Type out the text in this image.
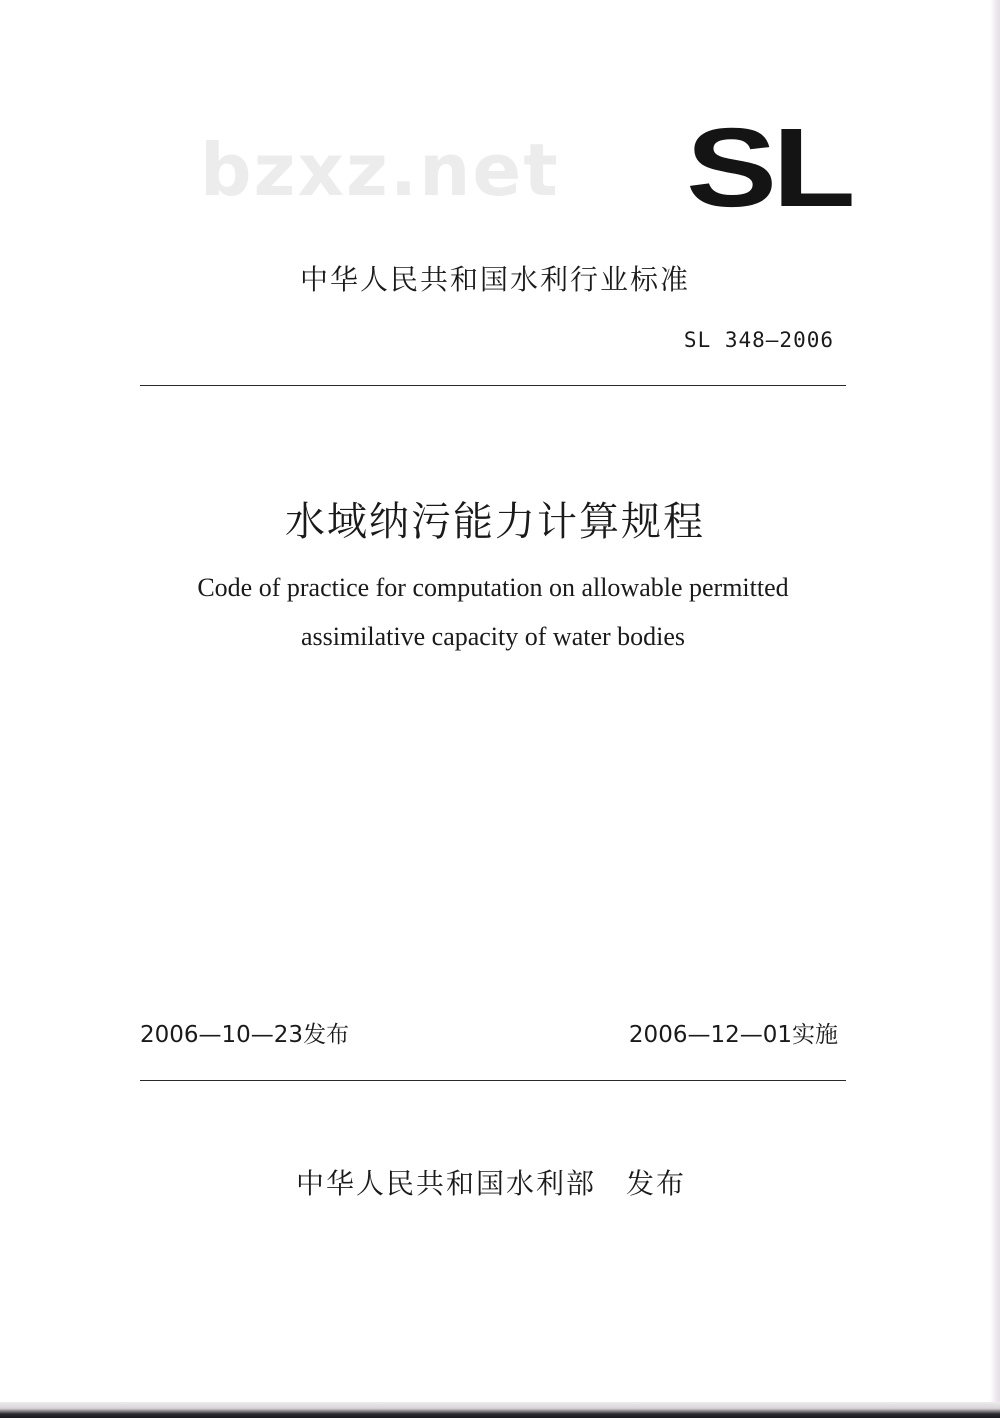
bzxz.net SL
中华人民共和国水利行业标准
SL 348—2006
水域纳污能力计算规程
Code of practice for computation on allowable permitted
assimilative capacity of water bodies
2006—10—23发布	2006—12—01实施
中华人民共和国水利部 发布
